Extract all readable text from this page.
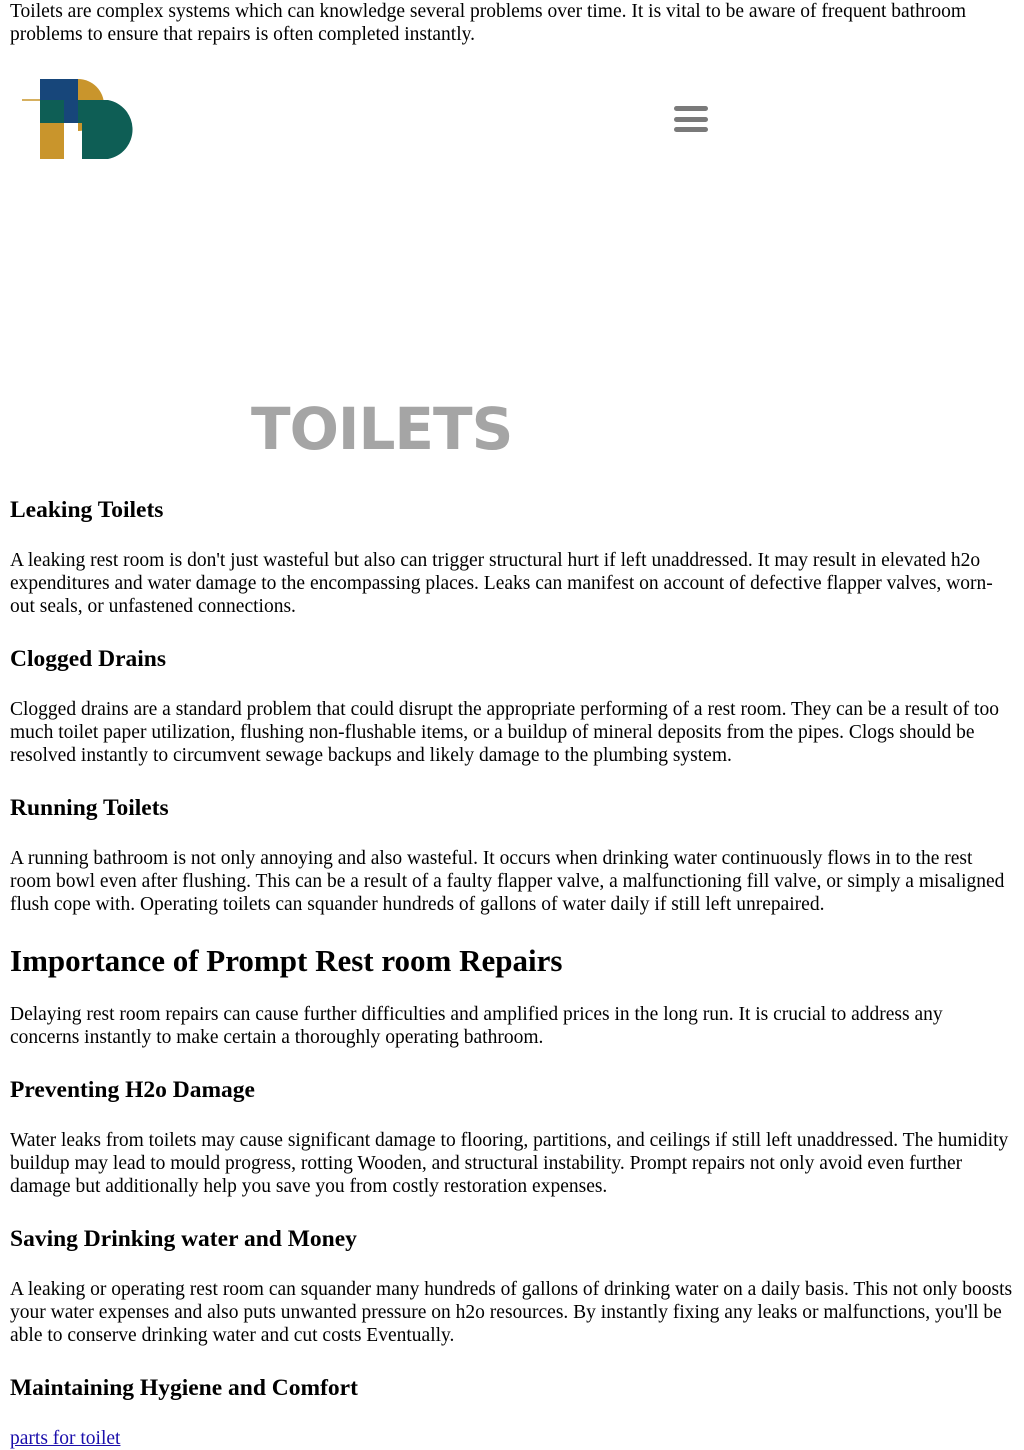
Toilets are complex systems which can knowledge several problems over time. It is vital to be aware of frequent bathroom problems to ensure that repairs is often completed instantly.

TOILETS
Leaking Toilets

A leaking rest room is don't just wasteful but also can trigger structural hurt if left unaddressed. It may result in elevated h2o expenditures and water damage to the encompassing places. Leaks can manifest on account of defective flapper valves, worn-out seals, or unfastened connections.

Clogged Drains

Clogged drains are a standard problem that could disrupt the appropriate performing of a rest room. They can be a result of too much toilet paper utilization, flushing non-flushable items, or a buildup of mineral deposits from the pipes. Clogs should be resolved instantly to circumvent sewage backups and likely damage to the plumbing system.

Running Toilets

A running bathroom is not only annoying and also wasteful. It occurs when drinking water continuously flows in to the rest room bowl even after flushing. This can be a result of a faulty flapper valve, a malfunctioning fill valve, or simply a misaligned flush cope with. Operating toilets can squander hundreds of gallons of water daily if still left unrepaired.

Importance of Prompt Rest room Repairs

Delaying rest room repairs can cause further difficulties and amplified prices in the long run. It is crucial to address any concerns instantly to make certain a thoroughly operating bathroom.

Preventing H2o Damage

Water leaks from toilets may cause significant damage to flooring, partitions, and ceilings if still left unaddressed. The humidity buildup may lead to mould progress, rotting Wooden, and structural instability. Prompt repairs not only avoid even further damage but additionally help you save you from costly restoration expenses.

Saving Drinking water and Money

A leaking or operating rest room can squander many hundreds of gallons of drinking water on a daily basis. This not only boosts your water expenses and also puts unwanted pressure on h2o resources. By instantly fixing any leaks or malfunctions, you'll be able to conserve drinking water and cut costs Eventually.

Maintaining Hygiene and Comfort
parts for toilet
